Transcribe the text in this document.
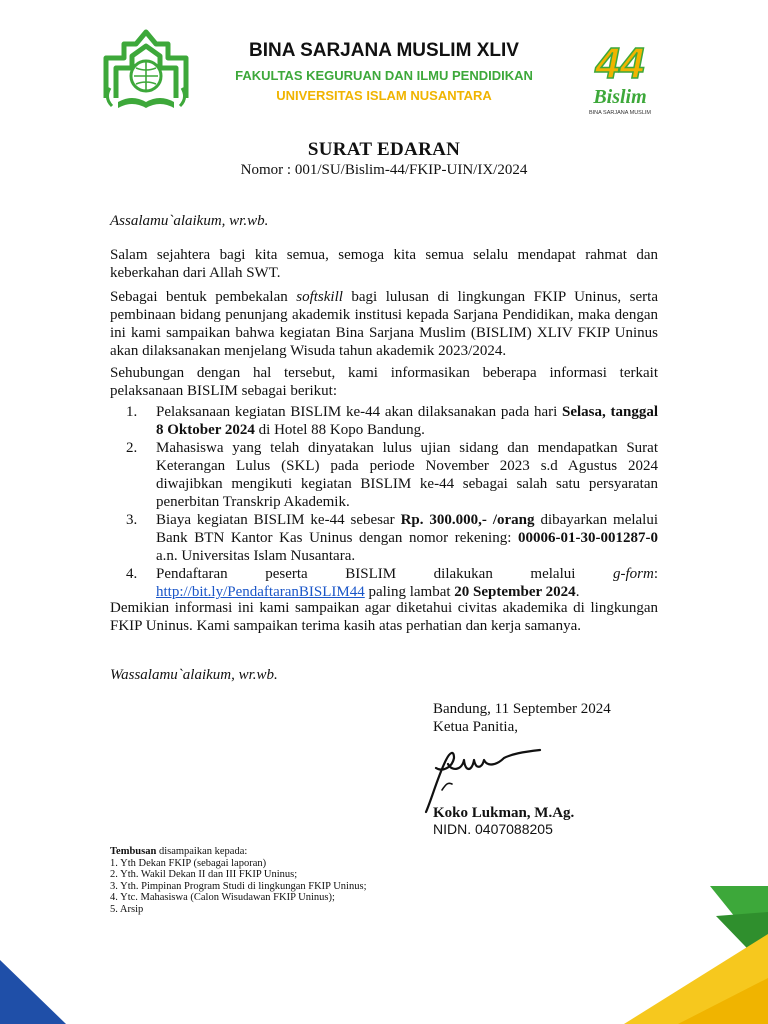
44
Bislim
BINA SARJANA MUSLIM
BINA SARJANA MUSLIM XLIV
FAKULTAS KEGURUAN DAN ILMU PENDIDIKAN
UNIVERSITAS ISLAM NUSANTARA
SURAT EDARAN
Nomor : 001/SU/Bislim-44/FKIP-UIN/IX/2024
Assalamu`alaikum, wr.wb.

Salam sejahtera bagi kita semua, semoga kita semua selalu mendapat rahmat dan keberkahan dari Allah SWT.

Sebagai bentuk pembekalan softskill bagi lulusan di lingkungan FKIP Uninus, serta pembinaan bidang penunjang akademik institusi kepada Sarjana Pendidikan, maka dengan ini kami sampaikan bahwa kegiatan Bina Sarjana Muslim (BISLIM) XLIV FKIP Uninus akan dilaksanakan menjelang Wisuda tahun akademik 2023/2024.

Sehubungan dengan hal tersebut, kami informasikan beberapa informasi terkait pelaksanaan BISLIM sebagai berikut:

1. Pelaksanaan kegiatan BISLIM ke-44 akan dilaksanakan pada hari Selasa, tanggal 8 Oktober 2024 di Hotel 88 Kopo Bandung.
2. Mahasiswa yang telah dinyatakan lulus ujian sidang dan mendapatkan Surat Keterangan Lulus (SKL) pada periode November 2023 s.d Agustus 2024 diwajibkan mengikuti kegiatan BISLIM ke-44 sebagai salah satu persyaratan penerbitan Transkrip Akademik.
3. Biaya kegiatan BISLIM ke-44 sebesar Rp. 300.000,- /orang dibayarkan melalui Bank BTN Kantor Kas Uninus dengan nomor rekening: 00006-01-30-001287-0 a.n. Universitas Islam Nusantara.
4. Pendaftaran peserta BISLIM dilakukan melalui g-form: http://bit.ly/PendaftaranBISLIM44 paling lambat 20 September 2024.

Demikian informasi ini kami sampaikan agar diketahui civitas akademika di lingkungan FKIP Uninus. Kami sampaikan terima kasih atas perhatian dan kerja samanya.

Wassalamu`alaikum, wr.wb.
Bandung, 11 September 2024
Ketua Panitia,
Koko Lukman, M.Ag.
NIDN. 0407088205
Tembusan disampaikan kepada:
1. Yth Dekan FKIP (sebagai laporan)
2. Yth. Wakil Dekan II dan III FKIP Uninus;
3. Yth. Pimpinan Program Studi di lingkungan FKIP Uninus;
4. Ytc. Mahasiswa (Calon Wisudawan FKIP Uninus);
5. Arsip
